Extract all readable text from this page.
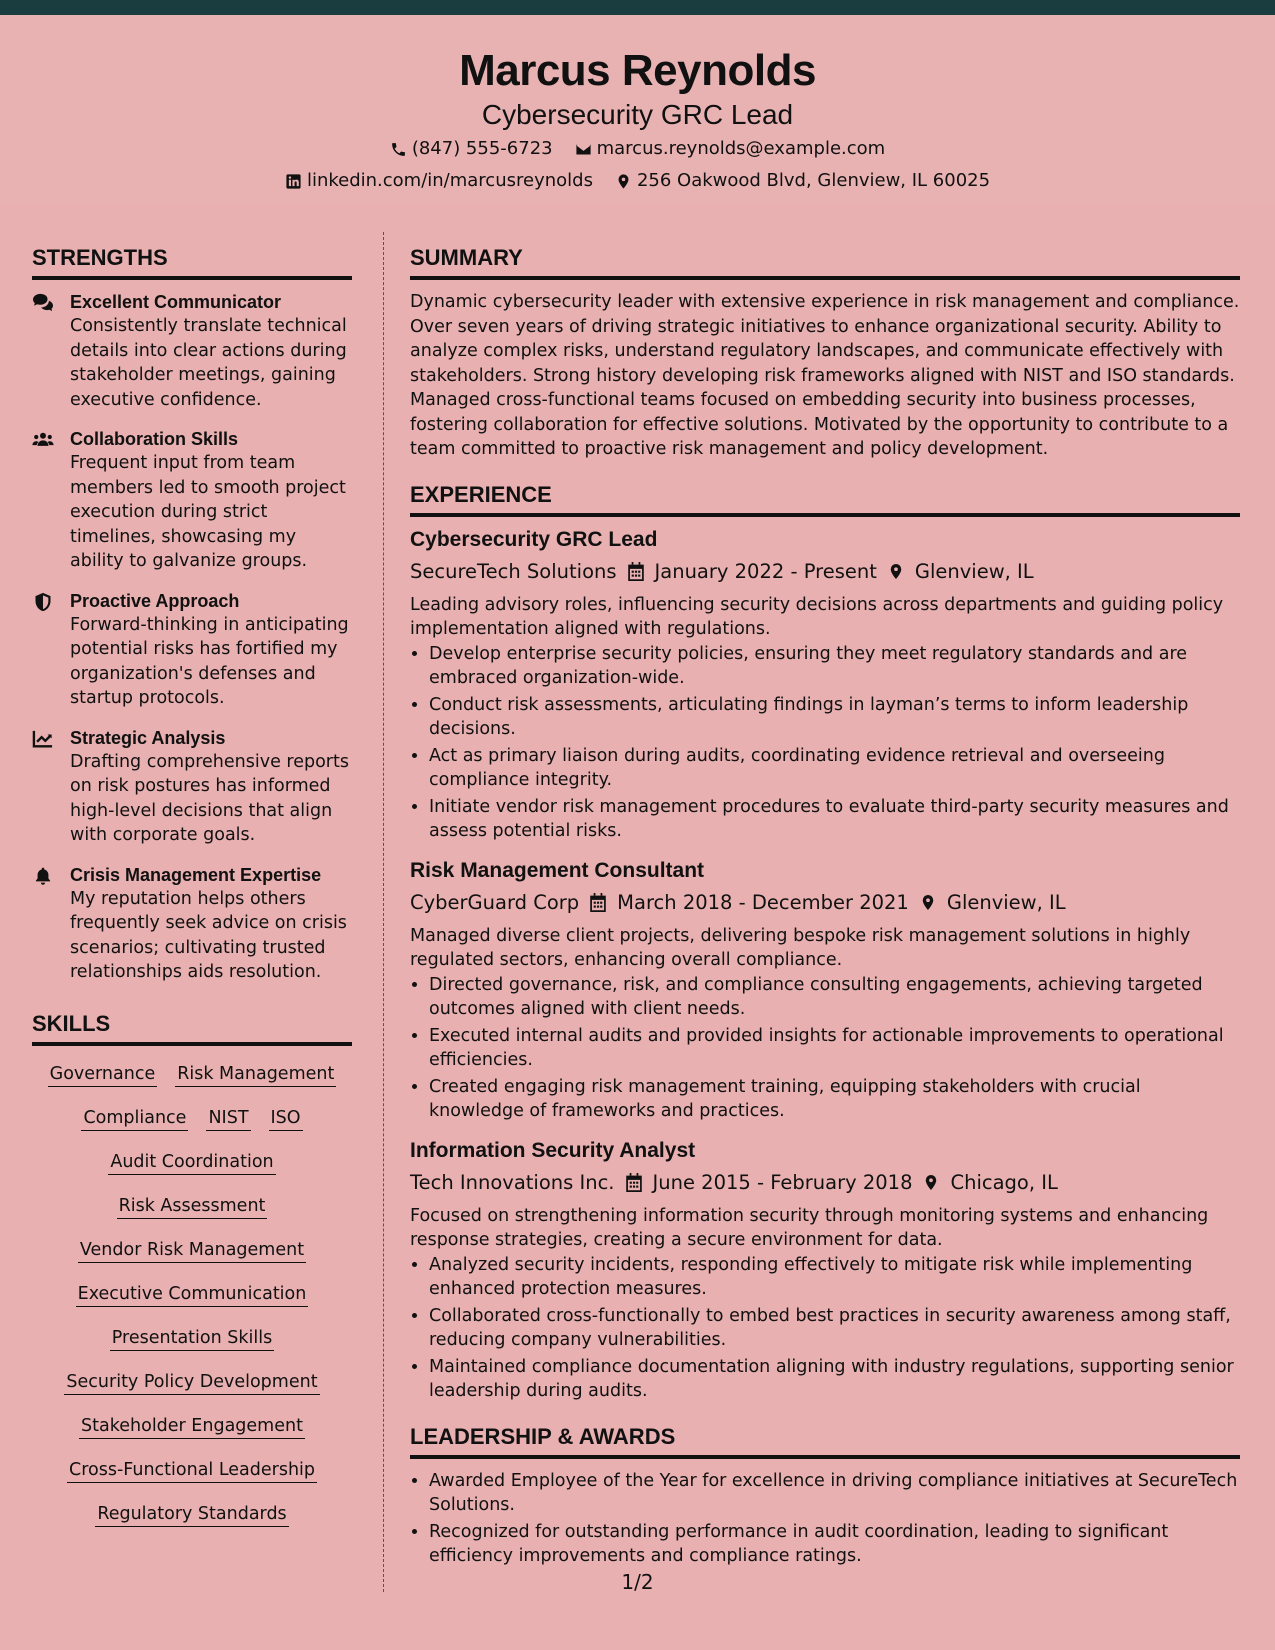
Marcus Reynolds
Cybersecurity GRC Lead
(847) 555-6723 marcus.reynolds@example.com
linkedin.com/in/marcusreynolds 256 Oakwood Blvd, Glenview, IL 60025
STRENGTHS
Excellent Communicator
Consistently translate technical details into clear actions during stakeholder meetings, gaining executive confidence.
Collaboration Skills
Frequent input from team members led to smooth project execution during strict timelines, showcasing my ability to galvanize groups.
Proactive Approach
Forward-thinking in anticipating potential risks has fortified my organization's defenses and startup protocols.
Strategic Analysis
Drafting comprehensive reports on risk postures has informed high-level decisions that align with corporate goals.
Crisis Management Expertise
My reputation helps others frequently seek advice on crisis scenarios; cultivating trusted relationships aids resolution.
SKILLS
Governance Risk Management
Compliance NIST ISO
Audit Coordination
Risk Assessment
Vendor Risk Management
Executive Communication
Presentation Skills
Security Policy Development
Stakeholder Engagement
Cross-Functional Leadership
Regulatory Standards
SUMMARY

Dynamic cybersecurity leader with extensive experience in risk management and compliance. Over seven years of driving strategic initiatives to enhance organizational security. Ability to analyze complex risks, understand regulatory landscapes, and communicate effectively with stakeholders. Strong history developing risk frameworks aligned with NIST and ISO standards. Managed cross-functional teams focused on embedding security into business processes, fostering collaboration for effective solutions. Motivated by the opportunity to contribute to a team committed to proactive risk management and policy development.

EXPERIENCE
Cybersecurity GRC Lead
SecureTech Solutions January 2022 - Present Glenview, IL

Leading advisory roles, influencing security decisions across departments and guiding policy implementation aligned with regulations.

• Develop enterprise security policies, ensuring they meet regulatory standards and are embraced organization-wide.
• Conduct risk assessments, articulating findings in layman’s terms to inform leadership decisions.
• Act as primary liaison during audits, coordinating evidence retrieval and overseeing compliance integrity.
• Initiate vendor risk management procedures to evaluate third-party security measures and assess potential risks.
Risk Management Consultant
CyberGuard Corp March 2018 - December 2021 Glenview, IL

Managed diverse client projects, delivering bespoke risk management solutions in highly regulated sectors, enhancing overall compliance.

• Directed governance, risk, and compliance consulting engagements, achieving targeted outcomes aligned with client needs.
• Executed internal audits and provided insights for actionable improvements to operational efficiencies.
• Created engaging risk management training, equipping stakeholders with crucial knowledge of frameworks and practices.
Information Security Analyst
Tech Innovations Inc. June 2015 - February 2018 Chicago, IL

Focused on strengthening information security through monitoring systems and enhancing response strategies, creating a secure environment for data.

• Analyzed security incidents, responding effectively to mitigate risk while implementing enhanced protection measures.
• Collaborated cross-functionally to embed best practices in security awareness among staff, reducing company vulnerabilities.
• Maintained compliance documentation aligning with industry regulations, supporting senior leadership during audits.
LEADERSHIP & AWARDS
• Awarded Employee of the Year for excellence in driving compliance initiatives at SecureTech Solutions.
• Recognized for outstanding performance in audit coordination, leading to significant efficiency improvements and compliance ratings.
1/2
